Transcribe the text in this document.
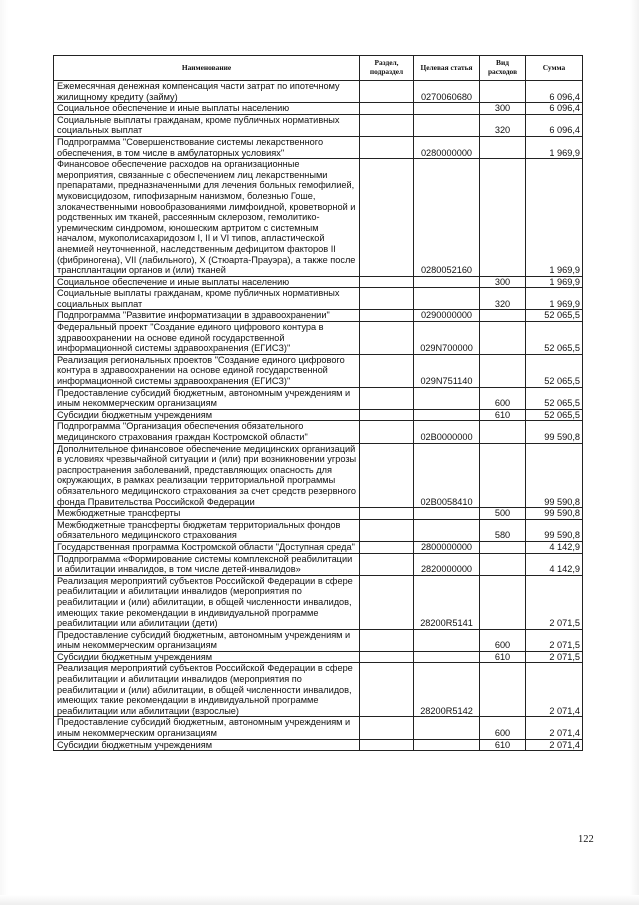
Наименование	Раздел, подраздел	Целевая статья	Вид расходов	Сумма
Ежемесячная денежная компенсация части затрат по ипотечному жилищному кредиту (займу)		0270060680		6 096,4
Социальное обеспечение и иные выплаты населению			300	6 096,4
Социальные выплаты гражданам, кроме публичных нормативных социальных выплат			320	6 096,4
Подпрограмма "Совершенствование системы лекарственного обеспечения, в том числе в амбулаторных условиях"		0280000000		1 969,9
Финансовое обеспечение расходов на организационные мероприятия, связанные с обеспечением лиц лекарственными препаратами, предназначенными для лечения больных гемофилией, муковисцидозом, гипофизарным нанизмом, болезнью Гоше, злокачественными новообразованиями лимфоидной, кроветворной и родственных им тканей, рассеянным склерозом, гемолитико-уремическим синдромом, юношеским артритом с системным началом, мукополисахаридозом I, II и VI типов, апластической анемией неуточненной, наследственным дефицитом факторов II (фибриногена), VII (лабильного), X (Стюарта-Прауэра), а также после трансплантации органов и (или) тканей		0280052160		1 969,9
Социальное обеспечение и иные выплаты населению			300	1 969,9
Социальные выплаты гражданам, кроме публичных нормативных социальных выплат			320	1 969,9
Подпрограмма "Развитие информатизации в здравоохранении"		0290000000		52 065,5
Федеральный проект "Создание единого цифрового контура в здравоохранении на основе единой государственной информационной системы здравоохранения (ЕГИСЗ)"		029N700000		52 065,5
Реализация региональных проектов "Создание единого цифрового контура в здравоохранении на основе единой государственной информационной системы здравоохранения (ЕГИСЗ)"		029N751140		52 065,5
Предоставление субсидий бюджетным, автономным учреждениям и иным некоммерческим организациям			600	52 065,5
Субсидии бюджетным учреждениям			610	52 065,5
Подпрограмма "Организация обеспечения обязательного медицинского страхования граждан Костромской области"		02В0000000		99 590,8
Дополнительное финансовое обеспечение медицинских организаций в условиях чрезвычайной ситуации и (или) при возникновении угрозы распространения заболеваний, представляющих опасность для окружающих, в рамках реализации территориальной программы обязательного медицинского страхования за счет средств резервного фонда Правительства Российской Федерации		02В0058410		99 590,8
Межбюджетные трансферты			500	99 590,8
Межбюджетные трансферты бюджетам территориальных фондов обязательного медицинского страхования			580	99 590,8
Государственная программа Костромской области "Доступная среда"		2800000000		4 142,9
Подпрограмма «Формирование системы комплексной реабилитации и абилитации инвалидов, в том числе детей-инвалидов»		2820000000		4 142,9
Реализация мероприятий субъектов Российской Федерации в сфере реабилитации и абилитации инвалидов (мероприятия по реабилитации и (или) абилитации, в общей численности инвалидов, имеющих такие рекомендации в индивидуальной программе реабилитации или абилитации (дети)		28200R5141		2 071,5
Предоставление субсидий бюджетным, автономным учреждениям и иным некоммерческим организациям			600	2 071,5
Субсидии бюджетным учреждениям			610	2 071,5
Реализация мероприятий субъектов Российской Федерации в сфере реабилитации и абилитации инвалидов (мероприятия по реабилитации и (или) абилитации, в общей численности инвалидов, имеющих такие рекомендации в индивидуальной программе реабилитации или абилитации (взрослые)		28200R5142		2 071,4
Предоставление субсидий бюджетным, автономным учреждениям и иным некоммерческим организациям			600	2 071,4
Субсидии бюджетным учреждениям			610	2 071,4
122
